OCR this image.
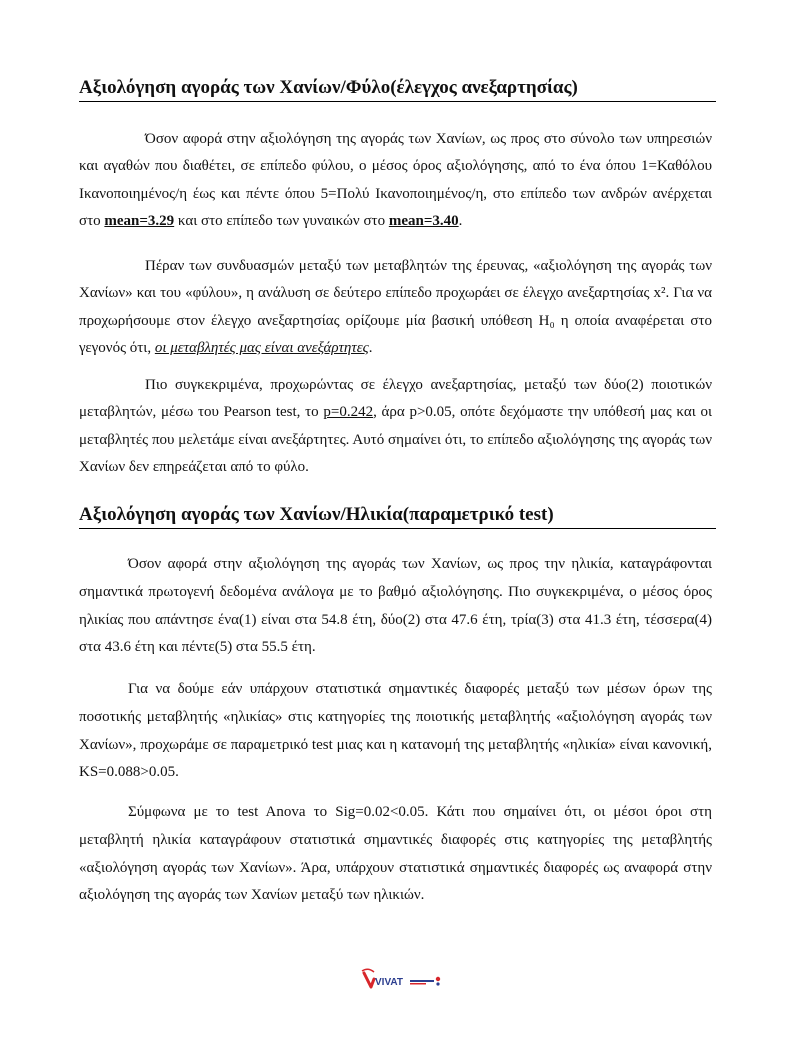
Αξιολόγηση αγοράς των Χανίων/Φύλο(έλεγχος ανεξαρτησίας)
Όσον αφορά στην αξιολόγηση της αγοράς των Χανίων, ως προς στο σύνολο των υπηρεσιών και αγαθών που διαθέτει, σε επίπεδο φύλου, ο μέσος όρος αξιολόγησης, από το ένα όπου 1=Καθόλου Ικανοποιημένος/η έως και πέντε όπου 5=Πολύ Ικανοποιημένος/η, στο επίπεδο των ανδρών ανέρχεται στο mean=3.29 και στο επίπεδο των γυναικών στο mean=3.40.
Πέραν των συνδυασμών μεταξύ των μεταβλητών της έρευνας, «αξιολόγηση της αγοράς των Χανίων» και του «φύλου», η ανάλυση σε δεύτερο επίπεδο προχωράει σε έλεγχο ανεξαρτησίας x². Για να προχωρήσουμε στον έλεγχο ανεξαρτησίας ορίζουμε μία βασική υπόθεση H₀ η οποία αναφέρεται στο γεγονός ότι, οι μεταβλητές μας είναι ανεξάρτητες.
Πιο συγκεκριμένα, προχωρώντας σε έλεγχο ανεξαρτησίας, μεταξύ των δύο(2) ποιοτικών μεταβλητών, μέσω του Pearson test, το p=0.242, άρα p>0.05, οπότε δεχόμαστε την υπόθεσή μας και οι μεταβλητές που μελετάμε είναι ανεξάρτητες. Αυτό σημαίνει ότι, το επίπεδο αξιολόγησης της αγοράς των Χανίων δεν επηρεάζεται από το φύλο.
Αξιολόγηση αγοράς των Χανίων/Ηλικία(παραμετρικό test)
Όσον αφορά στην αξιολόγηση της αγοράς των Χανίων, ως προς την ηλικία, καταγράφονται σημαντικά πρωτογενή δεδομένα ανάλογα με το βαθμό αξιολόγησης. Πιο συγκεκριμένα, ο μέσος όρος ηλικίας που απάντησε ένα(1) είναι στα 54.8 έτη, δύο(2) στα 47.6 έτη, τρία(3) στα 41.3 έτη, τέσσερα(4) στα 43.6 έτη και πέντε(5) στα 55.5 έτη.
Για να δούμε εάν υπάρχουν στατιστικά σημαντικές διαφορές μεταξύ των μέσων όρων της ποσοτικής μεταβλητής «ηλικίας» στις κατηγορίες της ποιοτικής μεταβλητής «αξιολόγηση αγοράς των Χανίων», προχωράμε σε παραμετρικό test μιας και η κατανομή της μεταβλητής «ηλικία» είναι κανονική, KS=0.088>0.05.
Σύμφωνα με το test Anova το Sig=0.02<0.05. Κάτι που σημαίνει ότι, οι μέσοι όροι στη μεταβλητή ηλικία καταγράφουν στατιστικά σημαντικές διαφορές στις κατηγορίες της μεταβλητής «αξιολόγηση αγοράς των Χανίων». Άρα, υπάρχουν στατιστικά σημαντικές διαφορές ως αναφορά στην αξιολόγηση της αγοράς των Χανίων μεταξύ των ηλικιών.
VIVAT
